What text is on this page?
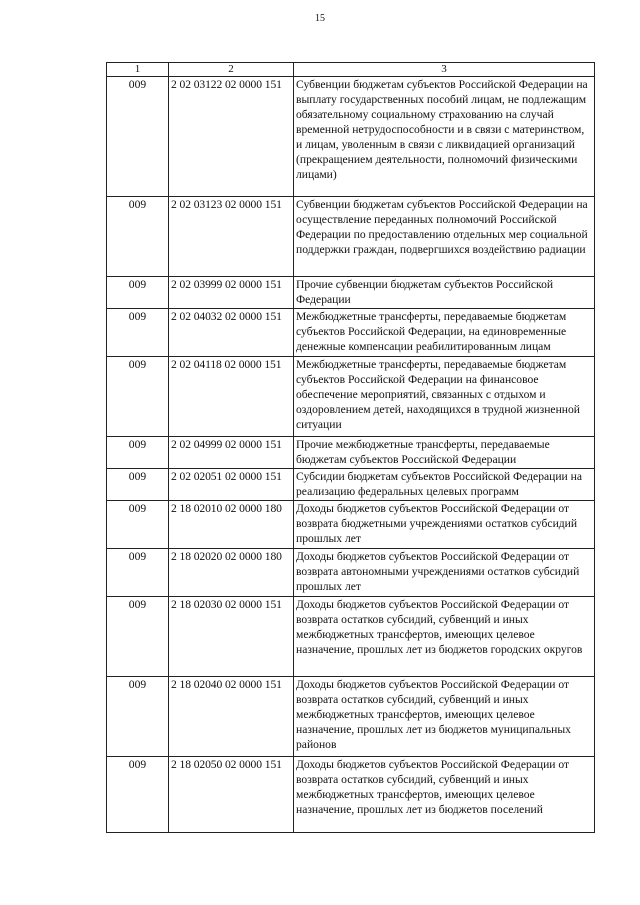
15
1	2	3
009	2 02 03122 02 0000 151	Субвенции бюджетам субъектов Российской Федерации на выплату государственных пособий лицам, не подлежащим обязательному социальному страхованию на случай временной нетрудоспособности и в связи с материнством, и лицам, уволенным в связи с ликвидацией организаций (прекращением деятельности, полномочий физическими лицами)
009	2 02 03123 02 0000 151	Субвенции бюджетам субъектов Российской Федерации на осуществление переданных полномочий Российской Федерации по предоставлению отдельных мер социальной поддержки граждан, подвергшихся воздействию радиации
009	2 02 03999 02 0000 151	Прочие субвенции бюджетам субъектов Российской Федерации
009	2 02 04032 02 0000 151	Межбюджетные трансферты, передаваемые бюджетам субъектов Российской Федерации, на единовременные денежные компенсации реабилитированным лицам
009	2 02 04118 02 0000 151	Межбюджетные трансферты, передаваемые бюджетам субъектов Российской Федерации на финансовое обеспечение мероприятий, связанных с отдыхом и оздоровлением детей, находящихся в трудной жизненной ситуации
009	2 02 04999 02 0000 151	Прочие межбюджетные трансферты, передаваемые бюджетам субъектов Российской Федерации
009	2 02 02051 02 0000 151	Субсидии бюджетам субъектов Российской Федерации на реализацию федеральных целевых программ
009	2 18 02010 02 0000 180	Доходы бюджетов субъектов Российской Федерации от возврата бюджетными учреждениями остатков субсидий прошлых лет
009	2 18 02020 02 0000 180	Доходы бюджетов субъектов Российской Федерации от возврата автономными учреждениями остатков субсидий прошлых лет
009	2 18 02030 02 0000 151	Доходы бюджетов субъектов Российской Федерации от возврата остатков субсидий, субвенций и иных межбюджетных трансфертов, имеющих целевое назначение, прошлых лет из бюджетов городских округов
009	2 18 02040 02 0000 151	Доходы бюджетов субъектов Российской Федерации от возврата остатков субсидий, субвенций и иных межбюджетных трансфертов, имеющих целевое назначение, прошлых лет из бюджетов муниципальных районов
009	2 18 02050 02 0000 151	Доходы бюджетов субъектов Российской Федерации от возврата остатков субсидий, субвенций и иных межбюджетных трансфертов, имеющих целевое назначение, прошлых лет из бюджетов поселений
